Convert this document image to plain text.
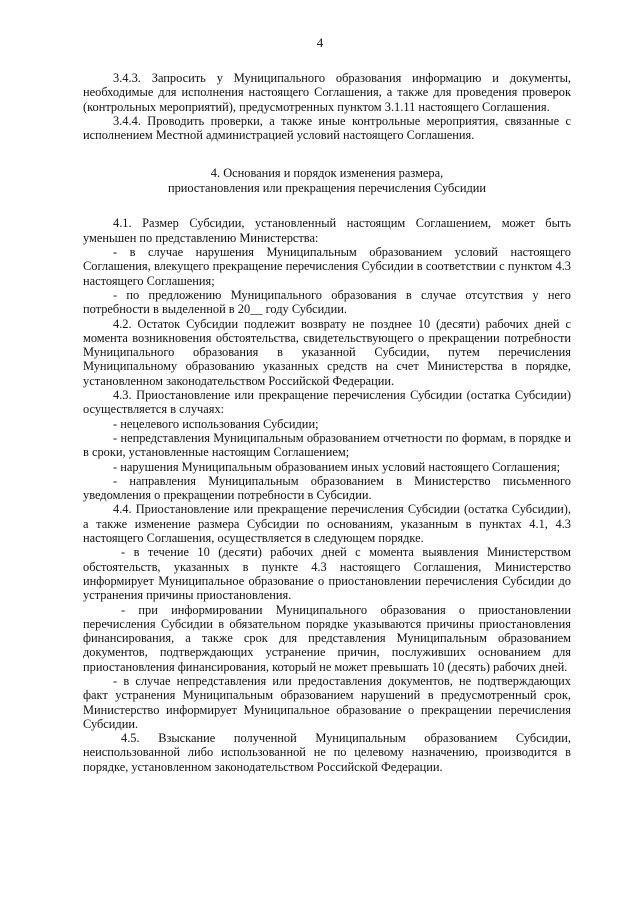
4

3.4.3. Запросить у Муниципального образования информацию и документы, необходимые для исполнения настоящего Соглашения, а также для проведения проверок (контрольных мероприятий), предусмотренных пунктом 3.1.11 настоящего Соглашения.

3.4.4. Проводить проверки, а также иные контрольные мероприятия, связанные с исполнением Местной администрацией условий настоящего Соглашения.

4. Основания и порядок изменения размера,
приостановления или прекращения перечисления Субсидии

4.1. Размер Субсидии, установленный настоящим Соглашением, может быть уменьшен по представлению Министерства:

- в случае нарушения Муниципальным образованием условий настоящего Соглашения, влекущего прекращение перечисления Субсидии в соответствии с пунктом 4.3 настоящего Соглашения;

- по предложению Муниципального образования в случае отсутствия у него потребности в выделенной в 20__ году Субсидии.

4.2. Остаток Субсидии подлежит возврату не позднее 10 (десяти) рабочих дней с момента возникновения обстоятельства, свидетельствующего о прекращении потребности Муниципального образования в указанной Субсидии, путем перечисления Муниципальному образованию указанных средств на счет Министерства в порядке, установленном законодательством Российской Федерации.

4.3. Приостановление или прекращение перечисления Субсидии (остатка Субсидии) осуществляется в случаях:

- нецелевого использования Субсидии;

- непредставления Муниципальным образованием отчетности по формам, в порядке и в сроки, установленные настоящим Соглашением;

- нарушения Муниципальным образованием иных условий настоящего Соглашения;

- направления Муниципальным образованием в Министерство письменного уведомления о прекращении потребности в Субсидии.

4.4. Приостановление или прекращение перечисления Субсидии (остатка Субсидии), а также изменение размера Субсидии по основаниям, указанным в пунктах 4.1, 4.3 настоящего Соглашения, осуществляется в следующем порядке.

- в течение 10 (десяти) рабочих дней с момента выявления Министерством обстоятельств, указанных в пункте 4.3 настоящего Соглашения, Министерство информирует Муниципальное образование о приостановлении перечисления Субсидии до устранения причины приостановления.

- при информировании Муниципального образования о приостановлении перечисления Субсидии в обязательном порядке указываются причины приостановления финансирования, а также срок для представления Муниципальным образованием документов, подтверждающих устранение причин, послуживших основанием для приостановления финансирования, который не может превышать 10 (десять) рабочих дней.

- в случае непредставления или предоставления документов, не подтверждающих факт устранения Муниципальным образованием нарушений в предусмотренный срок, Министерство информирует Муниципальное образование о прекращении перечисления Субсидии.

4.5. Взыскание полученной Муниципальным образованием Субсидии, неиспользованной либо использованной не по целевому назначению, производится в порядке, установленном законодательством Российской Федерации.
